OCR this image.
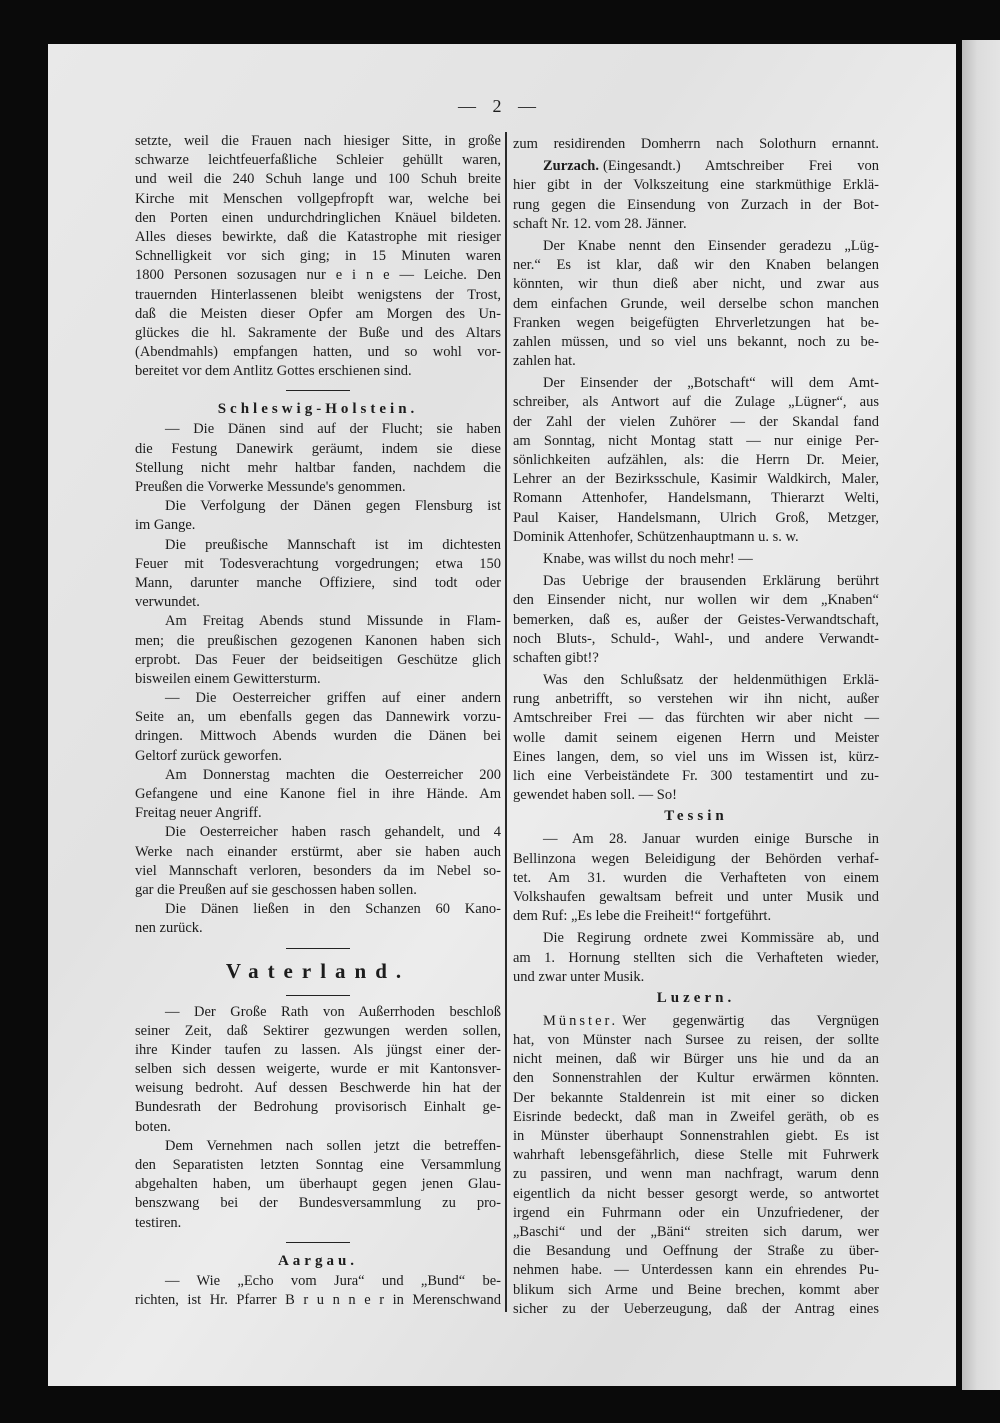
— 2 —
setzte, weil die Frauen nach hiesiger Sitte, in große
schwarze leichtfeuerfaßliche Schleier gehüllt waren,
und weil die 240 Schuh lange und 100 Schuh breite
Kirche mit Menschen vollgepfropft war, welche bei
den Porten einen undurchdringlichen Knäuel bildeten.
Alles dieses bewirkte, daß die Katastrophe mit riesiger
Schnelligkeit vor sich ging; in 15 Minuten waren
1800 Personen sozusagen nur e i n e — Leiche. Den
trauernden Hinterlassenen bleibt wenigstens der Trost,
daß die Meisten dieser Opfer am Morgen des Un-
glückes die hl. Sakramente der Buße und des Altars
(Abendmahls) empfangen hatten, und so wohl vor-
bereitet vor dem Antlitz Gottes erschienen sind.
Schleswig-Holstein.
— Die Dänen sind auf der Flucht; sie haben
die Festung Danewirk geräumt, indem sie diese
Stellung nicht mehr haltbar fanden, nachdem die
Preußen die Vorwerke Messunde's genommen.
Die Verfolgung der Dänen gegen Flensburg ist
im Gange.
Die preußische Mannschaft ist im dichtesten
Feuer mit Todesverachtung vorgedrungen; etwa 150
Mann, darunter manche Offiziere, sind todt oder
verwundet.
Am Freitag Abends stund Missunde in Flam-
men; die preußischen gezogenen Kanonen haben sich
erprobt. Das Feuer der beidseitigen Geschütze glich
bisweilen einem Gewittersturm.
— Die Oesterreicher griffen auf einer andern
Seite an, um ebenfalls gegen das Dannewirk vorzu-
dringen. Mittwoch Abends wurden die Dänen bei
Geltorf zurück geworfen.
Am Donnerstag machten die Oesterreicher 200
Gefangene und eine Kanone fiel in ihre Hände. Am
Freitag neuer Angriff.
Die Oesterreicher haben rasch gehandelt, und 4
Werke nach einander erstürmt, aber sie haben auch
viel Mannschaft verloren, besonders da im Nebel so-
gar die Preußen auf sie geschossen haben sollen.
Die Dänen ließen in den Schanzen 60 Kano-
nen zurück.
Vaterland.
— Der Große Rath von Außerrhoden beschloß
seiner Zeit, daß Sektirer gezwungen werden sollen,
ihre Kinder taufen zu lassen. Als jüngst einer der-
selben sich dessen weigerte, wurde er mit Kantonsver-
weisung bedroht. Auf dessen Beschwerde hin hat der
Bundesrath der Bedrohung provisorisch Einhalt ge-
boten.
Dem Vernehmen nach sollen jetzt die betreffen-
den Separatisten letzten Sonntag eine Versammlung
abgehalten haben, um überhaupt gegen jenen Glau-
benszwang bei der Bundesversammlung zu pro-
testiren.
Aargau.
— Wie „Echo vom Jura“ und „Bund“ be-
richten, ist Hr. Pfarrer B r u n n e r in Merenschwand
zum residirenden Domherrn nach Solothurn ernannt.
Zurzach. (Eingesandt.) Amtschreiber Frei von
hier gibt in der Volkszeitung eine starkmüthige Erklä-
rung gegen die Einsendung von Zurzach in der Bot-
schaft Nr. 12. vom 28. Jänner.
Der Knabe nennt den Einsender geradezu „Lüg-
ner.“ Es ist klar, daß wir den Knaben belangen
könnten, wir thun dieß aber nicht, und zwar aus
dem einfachen Grunde, weil derselbe schon manchen
Franken wegen beigefügten Ehrverletzungen hat be-
zahlen müssen, und so viel uns bekannt, noch zu be-
zahlen hat.
Der Einsender der „Botschaft“ will dem Amt-
schreiber, als Antwort auf die Zulage „Lügner“, aus
der Zahl der vielen Zuhörer — der Skandal fand
am Sonntag, nicht Montag statt — nur einige Per-
sönlichkeiten aufzählen, als: die Herrn Dr. Meier,
Lehrer an der Bezirksschule, Kasimir Waldkirch, Maler,
Romann Attenhofer, Handelsmann, Thierarzt Welti,
Paul Kaiser, Handelsmann, Ulrich Groß, Metzger,
Dominik Attenhofer, Schützenhauptmann u. s. w.
Knabe, was willst du noch mehr! —
Das Uebrige der brausenden Erklärung berührt
den Einsender nicht, nur wollen wir dem „Knaben“
bemerken, daß es, außer der Geistes-Verwandtschaft,
noch Bluts-, Schuld-, Wahl-, und andere Verwandt-
schaften gibt!?
Was den Schlußsatz der heldenmüthigen Erklä-
rung anbetrifft, so verstehen wir ihn nicht, außer
Amtschreiber Frei — das fürchten wir aber nicht —
wolle damit seinem eigenen Herrn und Meister
Eines langen, dem, so viel uns im Wissen ist, kürz-
lich eine Verbeiständete Fr. 300 testamentirt und zu-
gewendet haben soll. — So!
Tessin
— Am 28. Januar wurden einige Bursche in
Bellinzona wegen Beleidigung der Behörden verhaf-
tet. Am 31. wurden die Verhafteten von einem
Volkshaufen gewaltsam befreit und unter Musik und
dem Ruf: „Es lebe die Freiheit!“ fortgeführt.
Die Regirung ordnete zwei Kommissäre ab, und
am 1. Hornung stellten sich die Verhafteten wieder,
und zwar unter Musik.
Luzern.
Münster. Wer gegenwärtig das Vergnügen
hat, von Münster nach Sursee zu reisen, der sollte
nicht meinen, daß wir Bürger uns hie und da an
den Sonnenstrahlen der Kultur erwärmen könnten.
Der bekannte Staldenrein ist mit einer so dicken
Eisrinde bedeckt, daß man in Zweifel geräth, ob es
in Münster überhaupt Sonnenstrahlen giebt. Es ist
wahrhaft lebensgefährlich, diese Stelle mit Fuhrwerk
zu passiren, und wenn man nachfragt, warum denn
eigentlich da nicht besser gesorgt werde, so antwortet
irgend ein Fuhrmann oder ein Unzufriedener, der
„Baschi“ und der „Bäni“ streiten sich darum, wer
die Besandung und Oeffnung der Straße zu über-
nehmen habe. — Unterdessen kann ein ehrendes Pu-
blikum sich Arme und Beine brechen, kommt aber
sicher zu der Ueberzeugung, daß der Antrag eines
